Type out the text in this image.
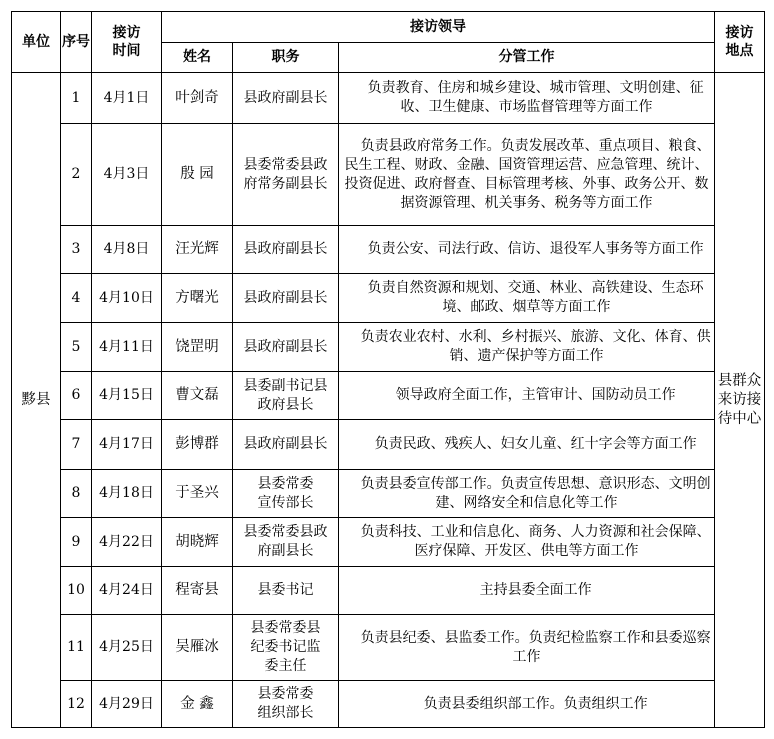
单位	序号	接访时间	接访领导			接访地点

			姓名	职务	分管工作	
黟县	1	4月1日	叶剑奇	县政府副县长	负责教育、住房和城乡建设、城市管理、文明创建、征收、卫生健康、市场监督管理等方面工作	县群众来访接待中心

	2	4月3日	殷 园	县委常委县政府常务副县长	负责县政府常务工作。负责发展改革、重点项目、粮食、民生工程、财政、金融、国资管理运营、应急管理、统计、投资促进、政府督查、目标管理考核、外事、政务公开、数据资源管理、机关事务、税务等方面工作	

	3	4月8日	汪光辉	县政府副县长	负责公安、司法行政、信访、退役军人事务等方面工作	

	4	4月10日	方曙光	县政府副县长	负责自然资源和规划、交通、林业、高铁建设、生态环境、邮政、烟草等方面工作	

	5	4月11日	饶罡明	县政府副县长	负责农业农村、水利、乡村振兴、旅游、文化、体育、供销、遗产保护等方面工作	

	6	4月15日	曹文磊	县委副书记县政府县长	领导政府全面工作，主管审计、国防动员工作	

	7	4月17日	彭博群	县政府副县长	负责民政、残疾人、妇女儿童、红十字会等方面工作	

	8	4月18日	于圣兴	县委常委宣传部长	负责县委宣传部工作。负责宣传思想、意识形态、文明创建、网络安全和信息化等工作	

	9	4月22日	胡晓辉	县委常委县政府副县长	负责科技、工业和信息化、商务、人力资源和社会保障、医疗保障、开发区、供电等方面工作	

	10	4月24日	程寄县	县委书记	主持县委全面工作	

	11	4月25日	吴雁冰	县委常委县纪委书记监委主任	负责县纪委、县监委工作。负责纪检监察工作和县委巡察工作	

	12	4月29日	金 鑫	县委常委组织部长	负责县委组织部工作。负责组织工作	
